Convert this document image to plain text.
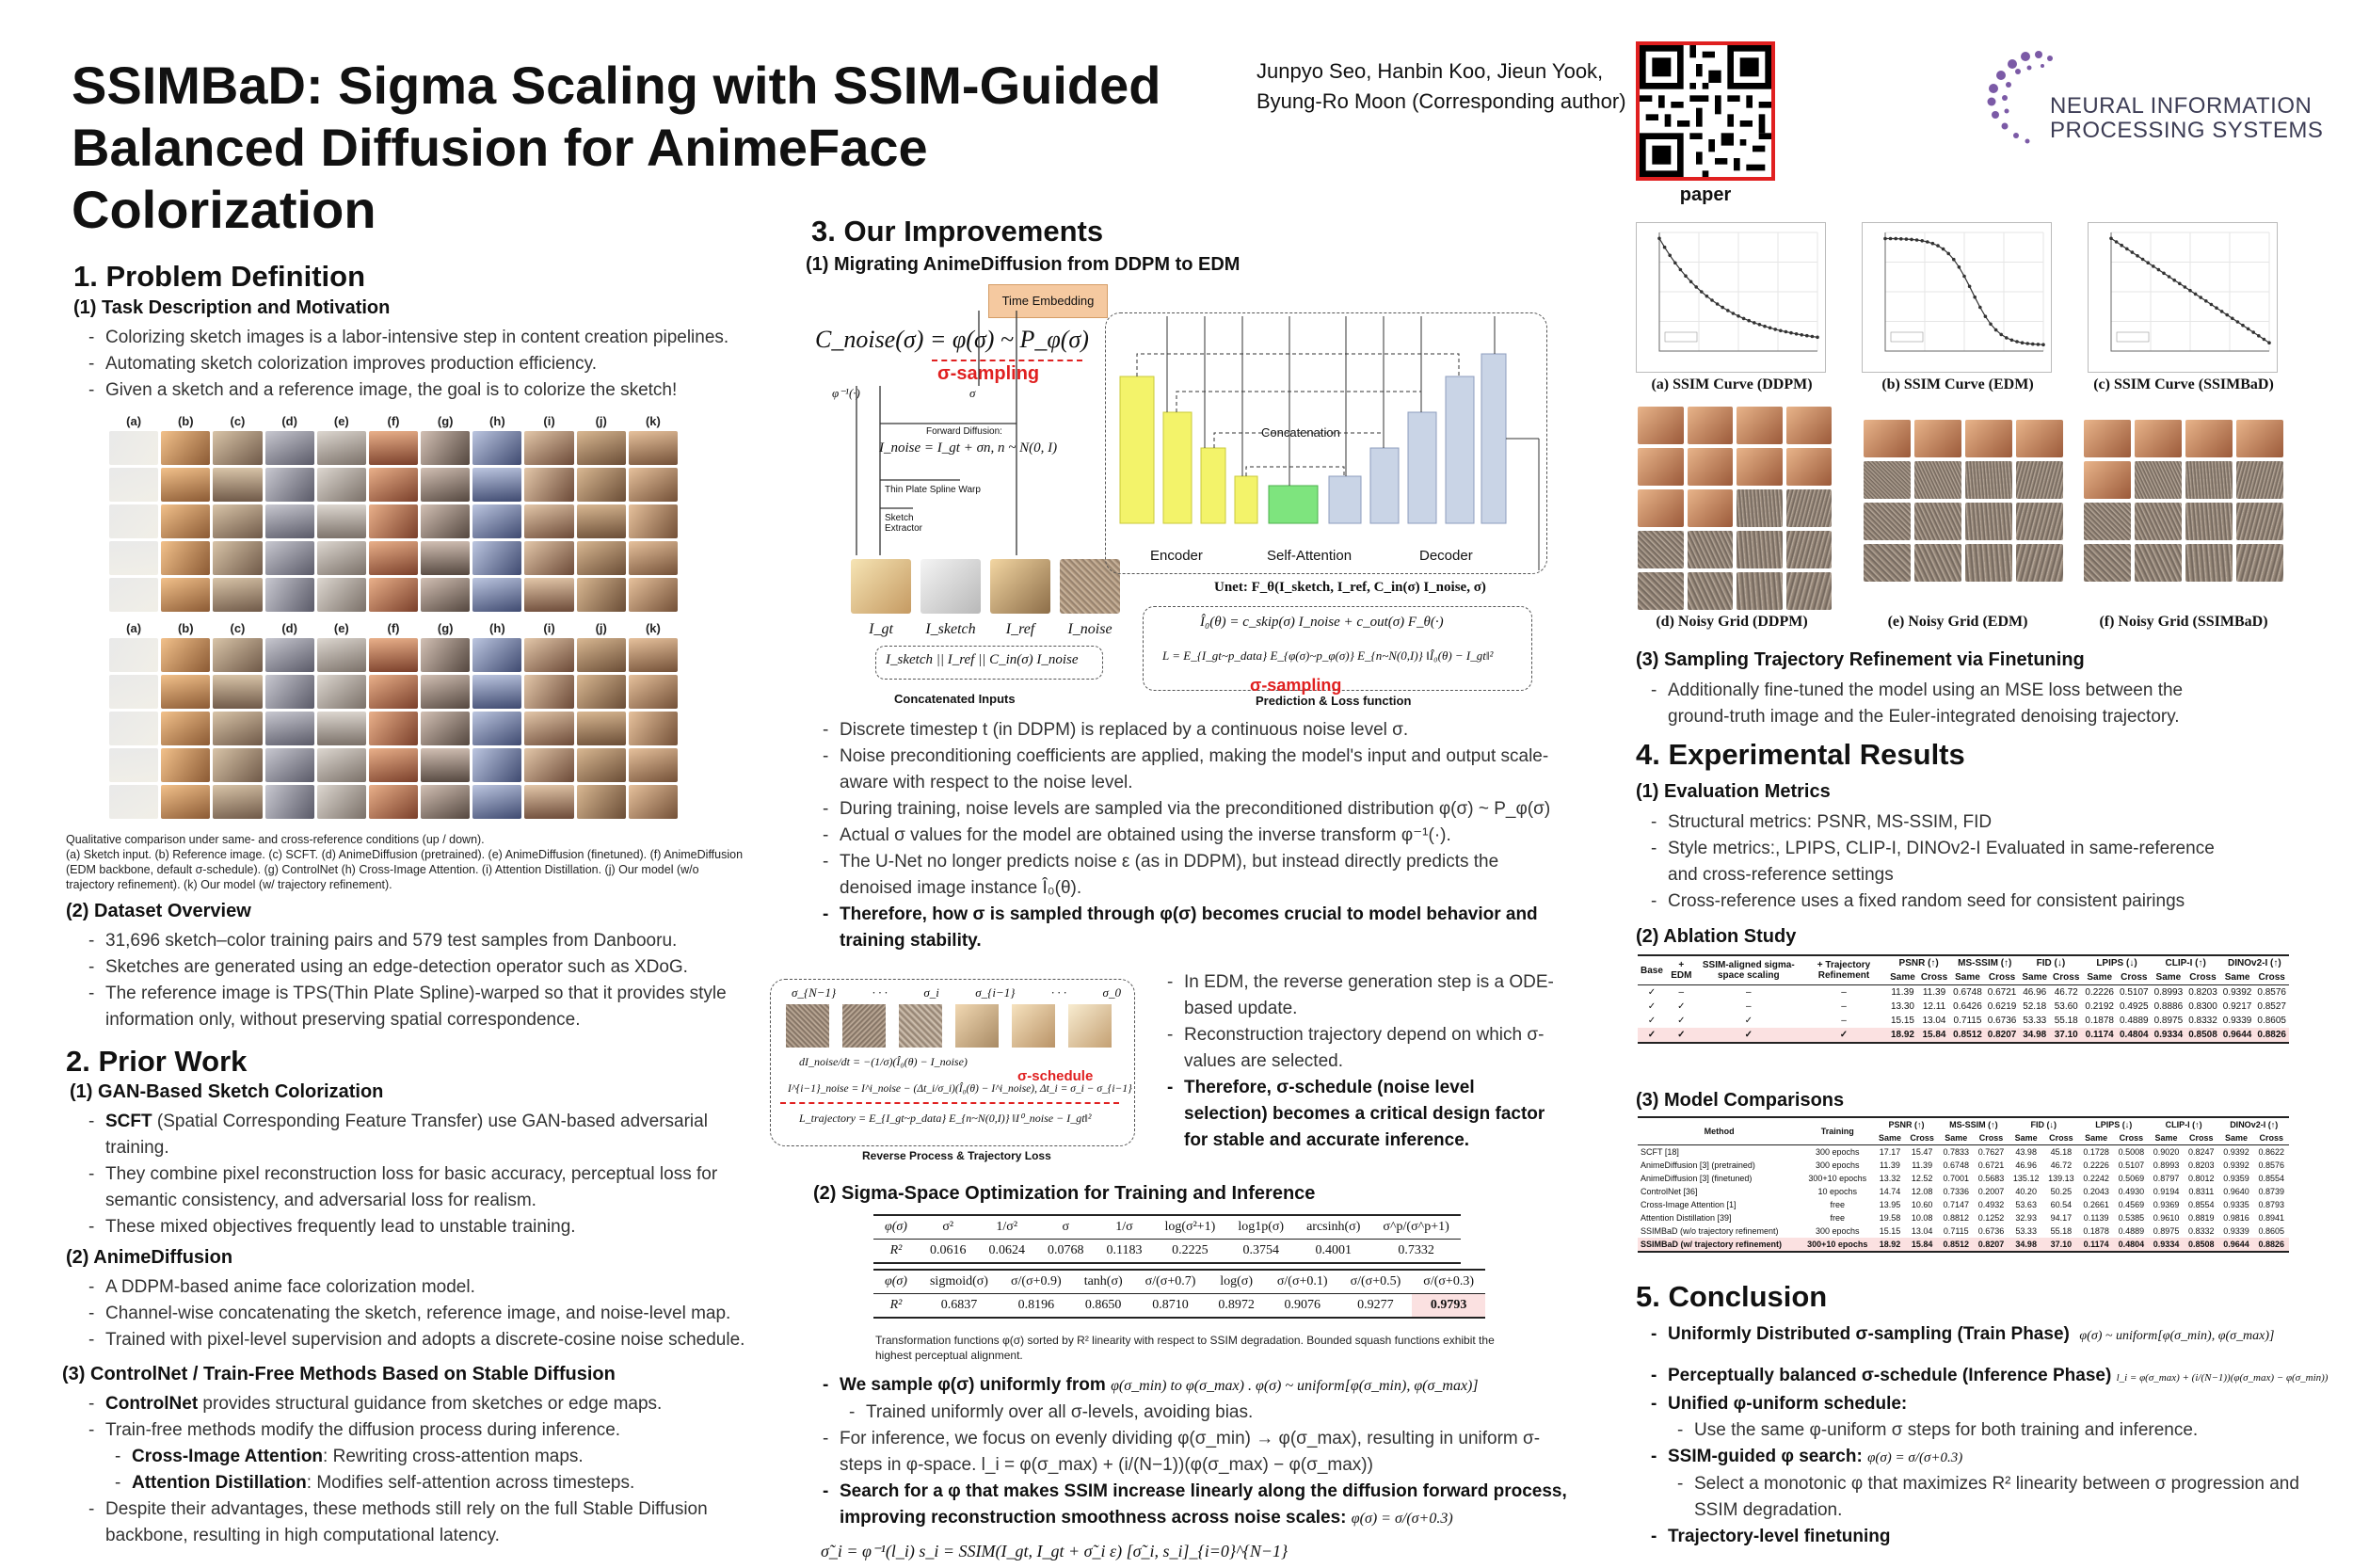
SSIMBaD: Sigma Scaling with SSIM-Guided
Balanced Diffusion for AnimeFace Colorization
Junpyo Seo, Hanbin Koo, Jieun Yook,
Byung-Ro Moon (Corresponding author)
paper
NEURAL INFORMATION
PROCESSING SYSTEMS
1. Problem Definition
(1) Task Description and Motivation
- Colorizing sketch images is a labor-intensive step in content creation pipelines.
- Automating sketch colorization improves production efficiency.
- Given a sketch and a reference image, the goal is to colorize the sketch!
(a)	(b)	(c)	(d)	(e)	(f)	(g)	(h)	(i)	(j)	(k)
(a)	(b)	(c)	(d)	(e)	(f)	(g)	(h)	(i)	(j)	(k)
Qualitative comparison under same- and cross-reference conditions (up / down).
(a) Sketch input. (b) Reference image. (c) SCFT. (d) AnimeDiffusion (pretrained). (e) AnimeDiffusion (finetuned). (f) AnimeDiffusion (EDM backbone, default σ-schedule). (g) ControlNet (h) Cross-Image Attention. (i) Attention Distillation. (j) Our model (w/o trajectory refinement). (k) Our model (w/ trajectory refinement).
(2) Dataset Overview
- 31,696 sketch–color training pairs and 579 test samples from Danbooru.
- Sketches are generated using an edge-detection operator such as XDoG.
- The reference image is TPS(Thin Plate Spline)-warped so that it provides style information only, without preserving spatial correspondence.
2. Prior Work
(1) GAN-Based Sketch Colorization
- SCFT (Spatial Corresponding Feature Transfer) use GAN-based adversarial training.
- They combine pixel reconstruction loss for basic accuracy, perceptual loss for semantic consistency, and adversarial loss for realism.
- These mixed objectives frequently lead to unstable training.
(2) AnimeDiffusion
- A DDPM-based anime face colorization model.
- Channel-wise concatenating the sketch, reference image, and noise-level map.
- Trained with pixel-level supervision and adopts a discrete-cosine noise schedule.
(3) ControlNet / Train-Free Methods Based on Stable Diffusion
- ControlNet provides structural guidance from sketches or edge maps.
- Train-free methods modify the diffusion process during inference.
- Cross-Image Attention: Rewriting cross-attention maps.
- Attention Distillation: Modifies self-attention across timesteps.
- Despite their advantages, these methods still rely on the full Stable Diffusion backbone, resulting in high computational latency.
3. Our Improvements
(1) Migrating AnimeDiffusion from DDPM to EDM
Time Embedding
C_noise(σ) = φ(σ) ~ P_φ(σ)
σ-sampling
φ⁻¹(·)	σ
Forward Diffusion:
I_noise = I_gt + σn, n ~ N(0, I)
Thin Plate Spline Warp
Sketch Extractor
I_gt	I_sketch	I_ref	I_noise
I_sketch || I_ref || C_in(σ) I_noise
Concatenated Inputs
Concatenation
Encoder	Self-Attention	Decoder
Unet: F_θ(I_sketch, I_ref, C_in(σ) I_noise, σ)
Î₀(θ) = c_skip(σ) I_noise + c_out(σ) F_θ(·)
L = E_{I_gt~p_data} E_{φ(σ)~p_φ(σ)} E_{n~N(0,I)} ‖Î₀(θ) − I_gt‖²
σ-sampling
Prediction & Loss function
- Discrete timestep t (in DDPM) is replaced by a continuous noise level σ.
- Noise preconditioning coefficients are applied, making the model's input and output scale-aware with respect to the noise level.
- During training, noise levels are sampled via the preconditioned distribution φ(σ) ~ P_φ(σ)
- Actual σ values for the model are obtained using the inverse transform φ⁻¹(·).
- The U-Net no longer predicts noise ε (as in DDPM), but instead directly predicts the denoised image instance Î₀(θ).
- Therefore, how σ is sampled through φ(σ) becomes crucial to model behavior and training stability.
σ_{N−1}	· · ·	σ_i	σ_{i−1}	· · ·	σ_0
dI_noise/dt = −(1/σ)(Î₀(θ) − I_noise)
σ-schedule
I^{i−1}_noise = I^i_noise − (Δt_i/σ_i)(Î₀(θ) − I^i_noise), Δt_i = σ_i − σ_{i−1}
L_trajectory = E_{I_gt~p_data} E_{n~N(0,I)} ‖I⁰_noise − I_gt‖²
Reverse Process & Trajectory Loss
- In EDM, the reverse generation step is a ODE-based update.
- Reconstruction trajectory depend on which σ-values are selected.
- Therefore, σ-schedule (noise level selection) becomes a critical design factor for stable and accurate inference.
(2) Sigma-Space Optimization for Training and Inference
φ(σ)	σ²	1/σ²	σ	1/σ	log(σ²+1)	log1p(σ)	arcsinh(σ)	σ^p/(σ^p+1)
R²	0.0616	0.0624	0.0768	0.1183	0.2225	0.3754	0.4001	0.7332
φ(σ)	sigmoid(σ)	σ/(σ+0.9)	tanh(σ)	σ/(σ+0.7)	log(σ)	σ/(σ+0.1)	σ/(σ+0.5)	σ/(σ+0.3)
R²	0.6837	0.8196	0.8650	0.8710	0.8972	0.9076	0.9277	0.9793
Transformation functions φ(σ) sorted by R² linearity with respect to SSIM degradation. Bounded squash functions exhibit the highest perceptual alignment.
- We sample φ(σ) uniformly from φ(σ_min) to φ(σ_max) . φ(σ) ~ uniform[φ(σ_min), φ(σ_max)]
- Trained uniformly over all σ-levels, avoiding bias.
- For inference, we focus on evenly dividing φ(σ_min) → φ(σ_max), resulting in uniform σ-steps in φ-space. l_i = φ(σ_max) + (i/(N−1))(φ(σ_max) − φ(σ_max))
- Search for a φ that makes SSIM increase linearly along the diffusion forward process, improving reconstruction smoothness across noise scales: φ(σ) = σ/(σ+0.3)
σ̃_i = φ⁻¹(l_i) s_i = SSIM(I_gt, I_gt + σ̃_i ε) [σ̃_i, s_i]_{i=0}^{N−1}
(a) SSIM Curve (DDPM)	(b) SSIM Curve (EDM)	(c) SSIM Curve (SSIMBaD)
(d) Noisy Grid (DDPM)	(e) Noisy Grid (EDM)	(f) Noisy Grid (SSIMBaD)
(3) Sampling Trajectory Refinement via Finetuning
- Additionally fine-tuned the model using an MSE loss between the ground-truth image and the Euler-integrated denoising trajectory.
4. Experimental Results
(1) Evaluation Metrics
- Structural metrics: PSNR, MS-SSIM, FID
- Style metrics:, LPIPS, CLIP-I, DINOv2-I Evaluated in same-reference and cross-reference settings
- Cross-reference uses a fixed random seed for consistent pairings
(2) Ablation Study
Base	+ EDM	SSIM-aligned sigma-space scaling	+ Trajectory Refinement	PSNR (↑)		MS-SSIM (↑)		FID (↓)		LPIPS (↓)		CLIP-I (↑)		DINOv2-I (↑)	
				Same	Cross	Same	Cross	Same	Cross	Same	Cross	Same	Cross	Same	Cross
✓	–	–	–	11.39	11.39	0.6748	0.6721	46.96	46.72	0.2226	0.5107	0.8993	0.8203	0.9392	0.8576
✓	✓	–	–	13.30	12.11	0.6426	0.6219	52.18	53.60	0.2192	0.4925	0.8886	0.8300	0.9217	0.8527
✓	✓	✓	–	15.15	13.04	0.7115	0.6736	53.33	55.18	0.1878	0.4889	0.8975	0.8332	0.9339	0.8605
✓	✓	✓	✓	18.92	15.84	0.8512	0.8207	34.98	37.10	0.1174	0.4804	0.9334	0.8508	0.9644	0.8826
(3) Model Comparisons
Method	Training	PSNR (↑)		MS-SSIM (↑)		FID (↓)		LPIPS (↓)		CLIP-I (↑)		DINOv2-I (↑)	
		Same	Cross	Same	Cross	Same	Cross	Same	Cross	Same	Cross	Same	Cross
SCFT [18]	300 epochs	17.17	15.47	0.7833	0.7627	43.98	45.18	0.1728	0.5008	0.9020	0.8247	0.9392	0.8622
AnimeDiffusion [3] (pretrained)	300 epochs	11.39	11.39	0.6748	0.6721	46.96	46.72	0.2226	0.5107	0.8993	0.8203	0.9392	0.8576
AnimeDiffusion [3] (finetuned)	300+10 epochs	13.32	12.52	0.7001	0.5683	135.12	139.13	0.2242	0.5069	0.8797	0.8012	0.9359	0.8554
ControlNet [36]	10 epochs	14.74	12.08	0.7336	0.2007	40.20	50.25	0.2043	0.4930	0.9194	0.8311	0.9640	0.8739
Cross-Image Attention [1]	free	13.95	10.60	0.7147	0.4932	53.63	60.54	0.2661	0.4569	0.9369	0.8554	0.9335	0.8793
Attention Distillation [39]	free	19.58	10.08	0.8812	0.1252	32.93	94.17	0.1139	0.5385	0.9610	0.8819	0.9816	0.8941
SSIMBaD (w/o trajectory refinement)	300 epochs	15.15	13.04	0.7115	0.6736	53.33	55.18	0.1878	0.4889	0.8975	0.8332	0.9339	0.8605
SSIMBaD (w/ trajectory refinement)	300+10 epochs	18.92	15.84	0.8512	0.8207	34.98	37.10	0.1174	0.4804	0.9334	0.8508	0.9644	0.8826
5. Conclusion
- Uniformly Distributed σ-sampling (Train Phase) φ(σ) ~ uniform[φ(σ_min), φ(σ_max)]
- Perceptually balanced σ-schedule (Inference Phase) l_i = φ(σ_max) + (i/(N−1))(φ(σ_max) − φ(σ_min))
- Unified φ-uniform schedule:
- Use the same φ-uniform σ steps for both training and inference.
- SSIM-guided φ search: φ(σ) = σ/(σ+0.3)
- Select a monotonic φ that maximizes R² linearity between σ progression and SSIM degradation.
- Trajectory-level finetuning
